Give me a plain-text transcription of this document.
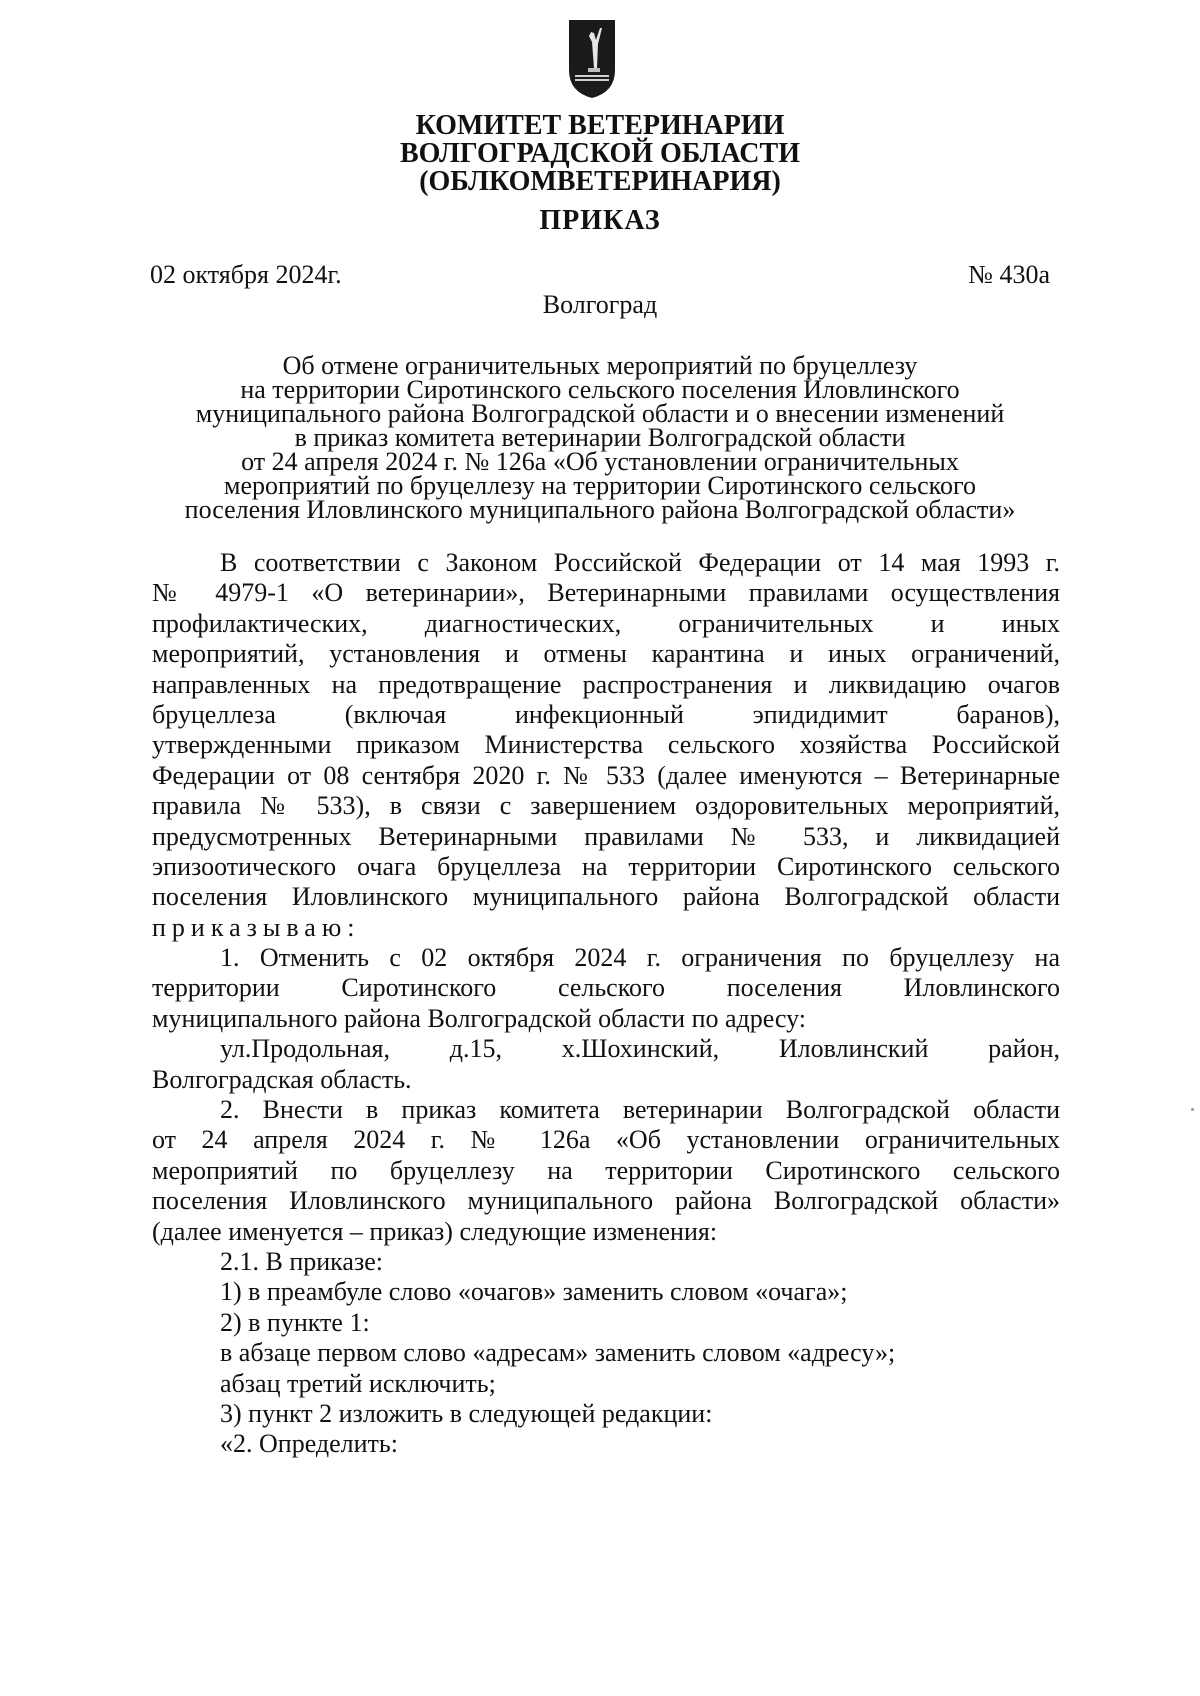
КОМИТЕТ ВЕТЕРИНАРИИ
ВОЛГОГРАДСКОЙ ОБЛАСТИ
(ОБЛКОМВЕТЕРИНАРИЯ)
ПРИКАЗ
02 октября 2024г.	№ 430а
Волгоград
Об отмене ограничительных мероприятий по бруцеллезу
на территории Сиротинского сельского поселения Иловлинского
муниципального района Волгоградской области и о внесении изменений
в приказ комитета ветеринарии Волгоградской области
от 24 апреля 2024 г. № 126а «Об установлении ограничительных
мероприятий по бруцеллезу на территории Сиротинского сельского
поселения Иловлинского муниципального района Волгоградской области»
В соответствии с Законом Российской Федерации от 14 мая 1993 г.
№ 4979-1 «О ветеринарии», Ветеринарными правилами осуществления
профилактических, диагностических, ограничительных и иных
мероприятий, установления и отмены карантина и иных ограничений,
направленных на предотвращение распространения и ликвидацию очагов
бруцеллеза (включая инфекционный эпидидимит баранов),
утвержденными приказом Министерства сельского хозяйства Российской
Федерации от 08 сентября 2020 г. № 533 (далее именуются – Ветеринарные
правила № 533), в связи с завершением оздоровительных мероприятий,
предусмотренных Ветеринарными правилами № 533, и ликвидацией
эпизоотического очага бруцеллеза на территории Сиротинского сельского
поселения Иловлинского муниципального района Волгоградской области
приказываю:
1. Отменить с 02 октября 2024 г. ограничения по бруцеллезу на
территории Сиротинского сельского поселения Иловлинского
муниципального района Волгоградской области по адресу:
ул.Продольная, д.15, х.Шохинский, Иловлинский район,
Волгоградская область.
2. Внести в приказ комитета ветеринарии Волгоградской области
от 24 апреля 2024 г. № 126а «Об установлении ограничительных
мероприятий по бруцеллезу на территории Сиротинского сельского
поселения Иловлинского муниципального района Волгоградской области»
(далее именуется – приказ) следующие изменения:
2.1. В приказе:
1) в преамбуле слово «очагов» заменить словом «очага»;
2) в пункте 1:
в абзаце первом слово «адресам» заменить словом «адресу»;
абзац третий исключить;
3) пункт 2 изложить в следующей редакции:
«2. Определить:
